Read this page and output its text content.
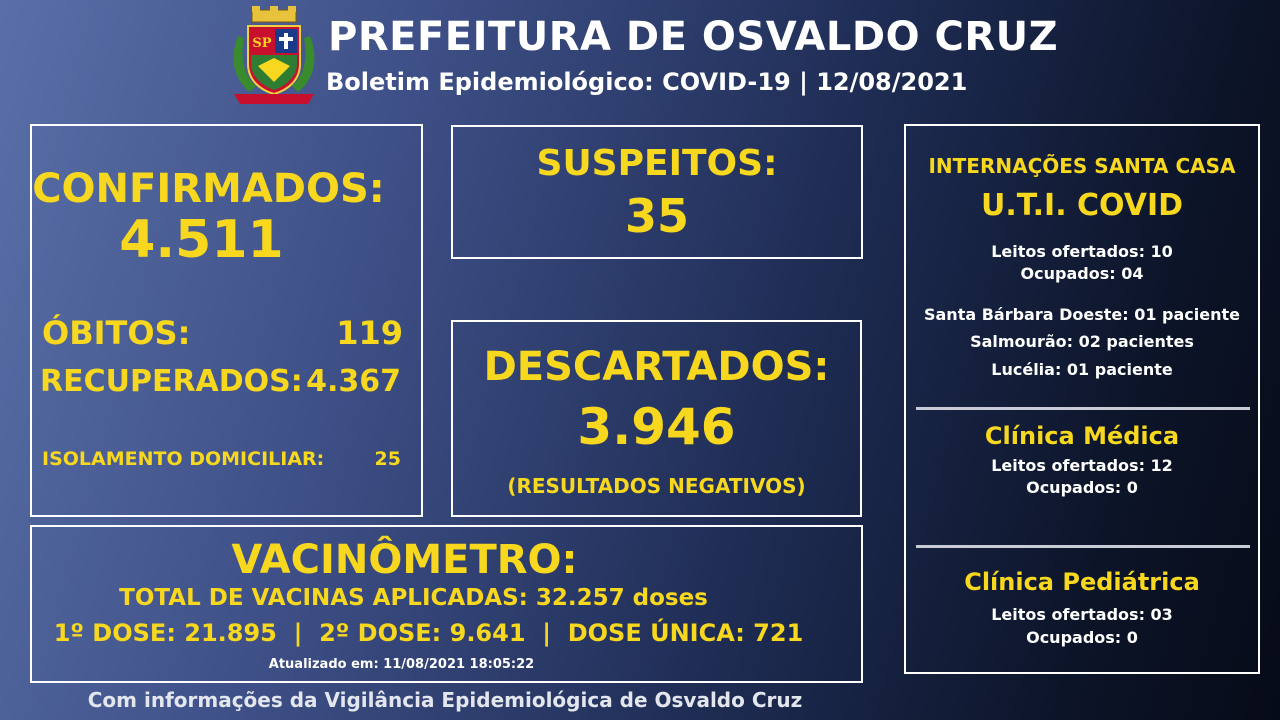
SP PREFEITURA DE OSVALDO CRUZ
Boletim Epidemiológico: COVID-19 | 12/08/2021
CONFIRMADOS:
4.511
ÓBITOS:	119
RECUPERADOS: 4.367
ISOLAMENTO DOMICILIAR:	25
SUSPEITOS:
35
DESCARTADOS:
3.946
(RESULTADOS NEGATIVOS)
VACINÔMETRO:
TOTAL DE VACINAS APLICADAS: 32.257 doses
1º DOSE: 21.895  |  2º DOSE: 9.641  |  DOSE ÚNICA: 721
Atualizado em: 11/08/2021 18:05:22
INTERNAÇÕES SANTA CASA
U.T.I. COVID
Leitos ofertados: 10
Ocupados: 04
Santa Bárbara Doeste: 01 paciente
Salmourão: 02 pacientes
Lucélia: 01 paciente
Clínica Médica
Leitos ofertados: 12
Ocupados: 0
Clínica Pediátrica
Leitos ofertados: 03
Ocupados: 0
Com informações da Vigilância Epidemiológica de Osvaldo Cruz
